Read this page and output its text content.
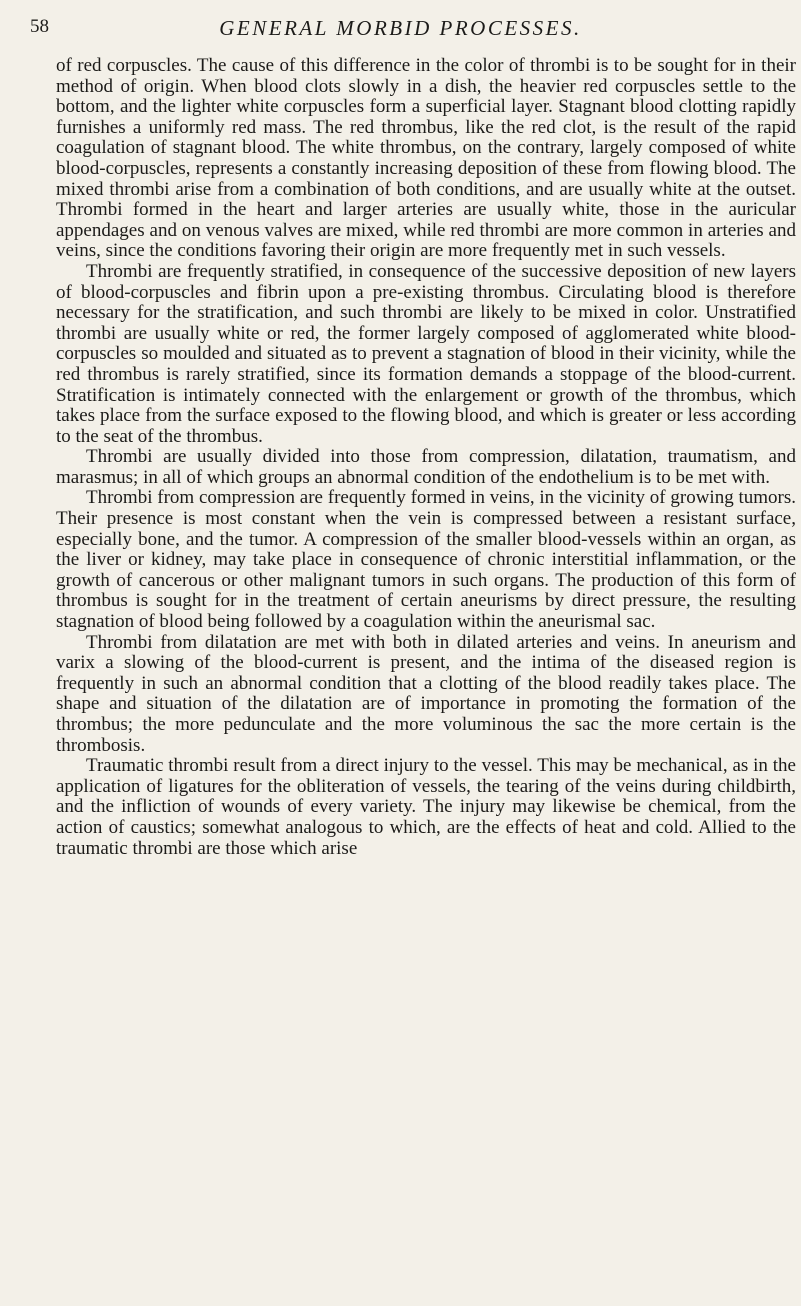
58	GENERAL MORBID PROCESSES.

of red corpuscles. The cause of this difference in the color of thrombi is to be sought for in their method of origin. When blood clots slowly in a dish, the heavier red corpuscles settle to the bottom, and the lighter white corpuscles form a superficial layer. Stagnant blood clotting rapidly furnishes a uniformly red mass. The red thrombus, like the red clot, is the result of the rapid coagulation of stagnant blood. The white thrombus, on the contrary, largely composed of white blood-corpuscles, represents a constantly increasing deposition of these from flowing blood. The mixed thrombi arise from a combination of both conditions, and are usually white at the outset. Thrombi formed in the heart and larger arteries are usually white, those in the auricular appendages and on venous valves are mixed, while red thrombi are more common in arteries and veins, since the conditions favoring their origin are more frequently met in such vessels.

Thrombi are frequently stratified, in consequence of the successive deposition of new layers of blood-corpuscles and fibrin upon a pre-existing thrombus. Circulating blood is therefore necessary for the stratification, and such thrombi are likely to be mixed in color. Unstratified thrombi are usually white or red, the former largely composed of agglomerated white blood-corpuscles so moulded and situated as to prevent a stagnation of blood in their vicinity, while the red thrombus is rarely stratified, since its formation demands a stoppage of the blood-current. Stratification is intimately connected with the enlargement or growth of the thrombus, which takes place from the surface exposed to the flowing blood, and which is greater or less according to the seat of the thrombus.

Thrombi are usually divided into those from compression, dilatation, traumatism, and marasmus; in all of which groups an abnormal condition of the endothelium is to be met with.

Thrombi from compression are frequently formed in veins, in the vicinity of growing tumors. Their presence is most constant when the vein is compressed between a resistant surface, especially bone, and the tumor. A compression of the smaller blood-vessels within an organ, as the liver or kidney, may take place in consequence of chronic interstitial inflammation, or the growth of cancerous or other malignant tumors in such organs. The production of this form of thrombus is sought for in the treatment of certain aneurisms by direct pressure, the resulting stagnation of blood being followed by a coagulation within the aneurismal sac.

Thrombi from dilatation are met with both in dilated arteries and veins. In aneurism and varix a slowing of the blood-current is present, and the intima of the diseased region is frequently in such an abnormal condition that a clotting of the blood readily takes place. The shape and situation of the dilatation are of importance in promoting the formation of the thrombus; the more pedunculate and the more voluminous the sac the more certain is the thrombosis.

Traumatic thrombi result from a direct injury to the vessel. This may be mechanical, as in the application of ligatures for the obliteration of vessels, the tearing of the veins during childbirth, and the infliction of wounds of every variety. The injury may likewise be chemical, from the action of caustics; somewhat analogous to which, are the effects of heat and cold. Allied to the traumatic thrombi are those which arise
